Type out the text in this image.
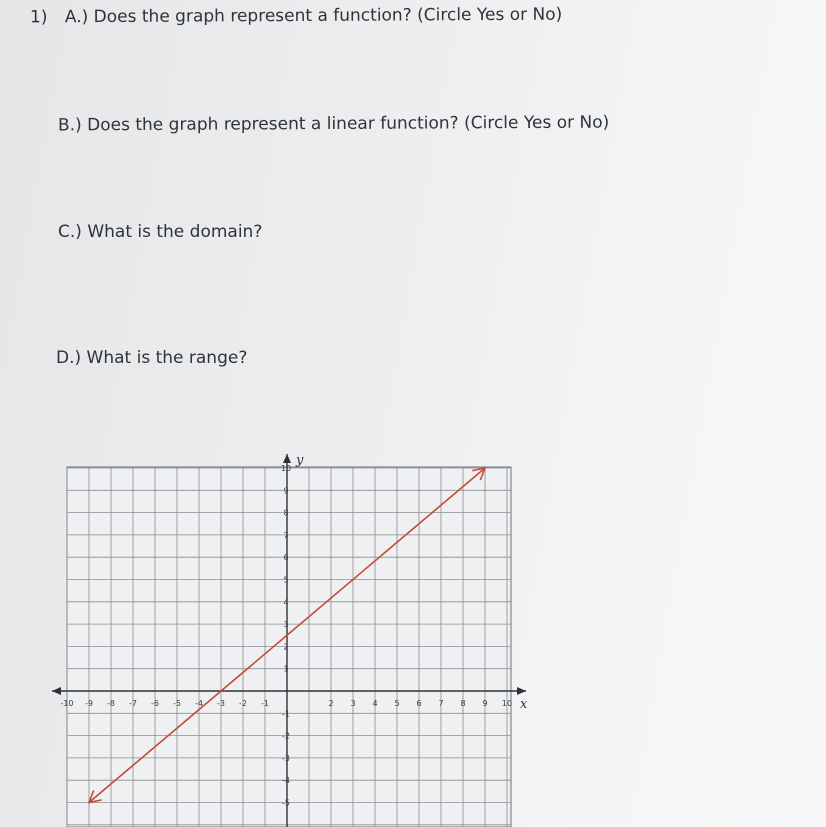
1) A.) Does the graph represent a function? (Circle Yes or No)

B.) Does the graph represent a linear function? (Circle Yes or No)

C.) What is the domain?

D.) What is the range?

-10 -9 -8 -7 -6 -5 -4 -3 -2 -1	2 3 4 5 6 7 8 9 10
10
9
8
7
6
5
4
3
2
1
-1
-2
-3
-4
-5
x
y
